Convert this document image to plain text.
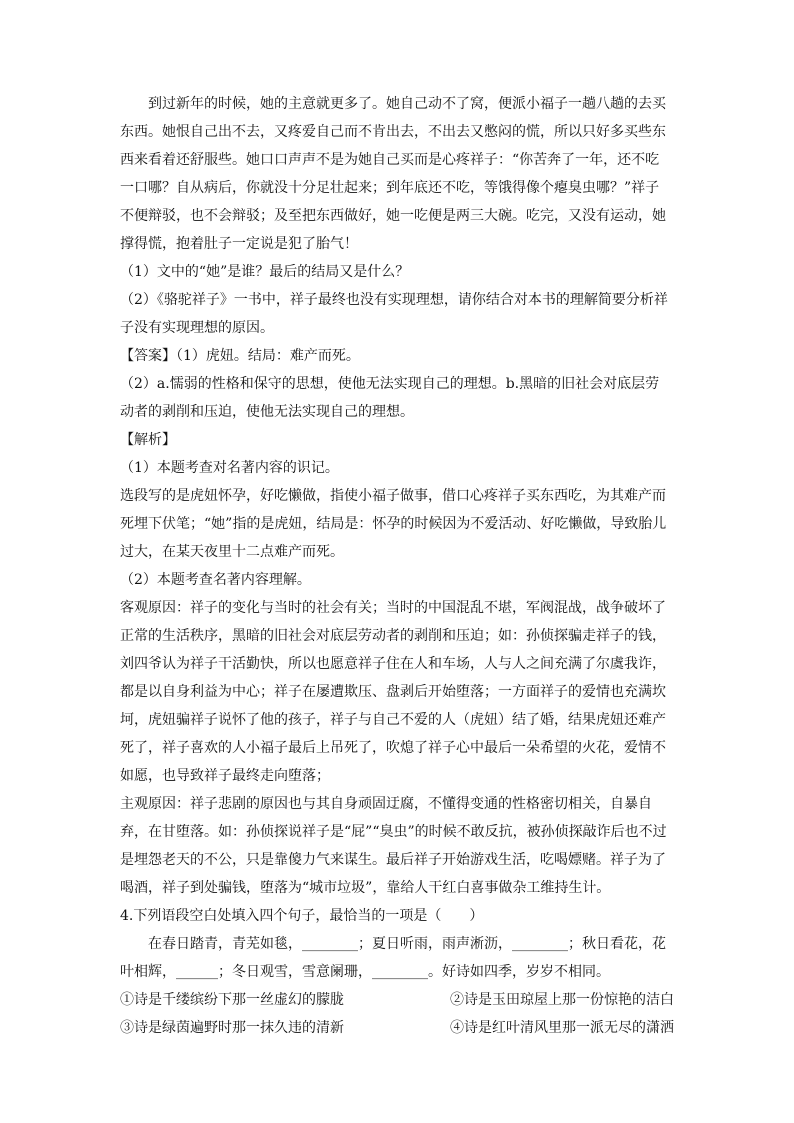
到过新年的时候，她的主意就更多了。她自己动不了窝，便派小福子一趟八趟的去买东西。她恨自己出不去，又疼爱自己而不肯出去，不出去又憋闷的慌，所以只好多买些东西来看着还舒服些。她口口声声不是为她自己买而是心疼祥子：“你苦奔了一年，还不吃一口哪？自从病后，你就没十分足壮起来；到年底还不吃，等饿得像个瘪臭虫哪？”祥子不便辩驳，也不会辩驳；及至把东西做好，她一吃便是两三大碗。吃完，又没有运动，她撑得慌，抱着肚子一定说是犯了胎气！

（1）文中的“她”是谁？最后的结局又是什么？

（2）《骆驼祥子》一书中，祥子最终也没有实现理想，请你结合对本书的理解简要分析祥子没有实现理想的原因。

【答案】（1）虎妞。结局：难产而死。

（2）a.懦弱的性格和保守的思想，使他无法实现自己的理想。b.黑暗的旧社会对底层劳动者的剥削和压迫，使他无法实现自己的理想。

【解析】

（1）本题考查对名著内容的识记。

选段写的是虎妞怀孕，好吃懒做，指使小福子做事，借口心疼祥子买东西吃，为其难产而死埋下伏笔；“她”指的是虎妞，结局是：怀孕的时候因为不爱活动、好吃懒做，导致胎儿过大，在某天夜里十二点难产而死。

（2）本题考查名著内容理解。

客观原因：祥子的变化与当时的社会有关；当时的中国混乱不堪，军阀混战，战争破坏了正常的生活秩序，黑暗的旧社会对底层劳动者的剥削和压迫；如：孙侦探骗走祥子的钱，刘四爷认为祥子干活勤快，所以也愿意祥子住在人和车场，人与人之间充满了尔虞我诈，都是以自身利益为中心；祥子在屡遭欺压、盘剥后开始堕落；一方面祥子的爱情也充满坎坷，虎妞骗祥子说怀了他的孩子，祥子与自己不爱的人（虎妞）结了婚，结果虎妞还难产死了，祥子喜欢的人小福子最后上吊死了，吹熄了祥子心中最后一朵希望的火花，爱情不如愿，也导致祥子最终走向堕落；

主观原因：祥子悲剧的原因也与其自身顽固迂腐，不懂得变通的性格密切相关，自暴自弃，在甘堕落。如：孙侦探说祥子是“屁”“臭虫”的时候不敢反抗，被孙侦探敲诈后也不过是埋怨老天的不公，只是靠傻力气来谋生。最后祥子开始游戏生活，吃喝嫖赌。祥子为了喝酒，祥子到处骗钱，堕落为“城市垃圾”，靠给人干红白喜事做杂工维持生计。

4.下列语段空白处填入四个句子，最恰当的一项是（　　）

在春日踏青，青芜如毯，________；夏日听雨，雨声淅沥，________；秋日看花，花叶相辉，______；冬日观雪，雪意阑珊，________。好诗如四季，岁岁不相同。

①诗是千缕缤纷下那一丝虚幻的朦胧	②诗是玉田琼屋上那一份惊艳的洁白
③诗是绿茵遍野时那一抹久违的清新	④诗是红叶清风里那一派无尽的潇洒
